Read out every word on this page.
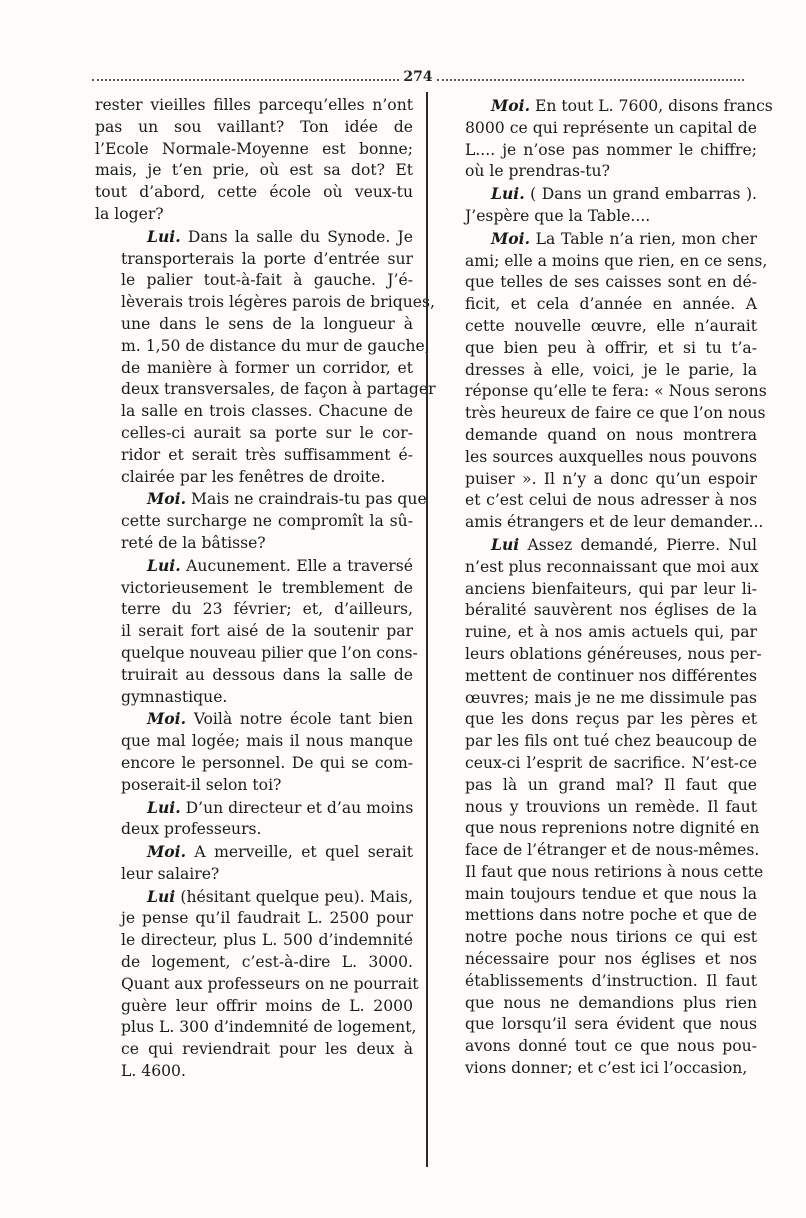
274

rester vieilles filles parcequ’elles n’ont
pas un sou vaillant? Ton idée de
l’Ecole Normale-Moyenne est bonne;
mais, je t’en prie, où est sa dot? Et
tout d’abord, cette école où veux-tu
la loger?

Lui. Dans la salle du Synode. Je
transporterais la porte d’entrée sur
le palier tout-à-fait à gauche. J’é-
lèverais trois légères parois de briques,
une dans le sens de la longueur à
m. 1,50 de distance du mur de gauche,
de manière à former un corridor, et
deux transversales, de façon à partager
la salle en trois classes. Chacune de
celles-ci aurait sa porte sur le cor-
ridor et serait très suffisamment é-
clairée par les fenêtres de droite.

Moi. Mais ne craindrais-tu pas que
cette surcharge ne compromît la sû-
reté de la bâtisse?

Lui. Aucunement. Elle a traversé
victorieusement le tremblement de
terre du 23 février; et, d’ailleurs,
il serait fort aisé de la soutenir par
quelque nouveau pilier que l’on cons-
truirait au dessous dans la salle de
gymnastique.

Moi. Voilà notre école tant bien
que mal logée; mais il nous manque
encore le personnel. De qui se com-
poserait-il selon toi?

Lui. D’un directeur et d’au moins
deux professeurs.

Moi. A merveille, et quel serait
leur salaire?

Lui (hésitant quelque peu). Mais,
je pense qu’il faudrait L. 2500 pour
le directeur, plus L. 500 d’indemnité
de logement, c’est-à-dire L. 3000.
Quant aux professeurs on ne pourrait
guère leur offrir moins de L. 2000
plus L. 300 d’indemnité de logement,
ce qui reviendrait pour les deux à
L. 4600.

Moi. En tout L. 7600, disons francs
8000 ce qui représente un capital de
L.... je n’ose pas nommer le chiffre;
où le prendras-tu?

Lui. ( Dans un grand embarras ).
J’espère que la Table....

Moi. La Table n’a rien, mon cher
ami; elle a moins que rien, en ce sens,
que telles de ses caisses sont en dé-
ficit, et cela d’année en année. A
cette nouvelle œuvre, elle n’aurait
que bien peu à offrir, et si tu t’a-
dresses à elle, voici, je le parie, la
réponse qu’elle te fera: « Nous serons
très heureux de faire ce que l’on nous
demande quand on nous montrera
les sources auxquelles nous pouvons
puiser ». Il n’y a donc qu’un espoir
et c’est celui de nous adresser à nos
amis étrangers et de leur demander...

Lui Assez demandé, Pierre. Nul
n’est plus reconnaissant que moi aux
anciens bienfaiteurs, qui par leur li-
béralité sauvèrent nos églises de la
ruine, et à nos amis actuels qui, par
leurs oblations généreuses, nous per-
mettent de continuer nos différentes
œuvres; mais je ne me dissimule pas
que les dons reçus par les pères et
par les fils ont tué chez beaucoup de
ceux-ci l’esprit de sacrifice. N’est-ce
pas là un grand mal? Il faut que
nous y trouvions un remède. Il faut
que nous reprenions notre dignité en
face de l’étranger et de nous-mêmes.
Il faut que nous retirions à nous cette
main toujours tendue et que nous la
mettions dans notre poche et que de
notre poche nous tirions ce qui est
nécessaire pour nos églises et nos
établissements d’instruction. Il faut
que nous ne demandions plus rien
que lorsqu’il sera évident que nous
avons donné tout ce que nous pou-
vions donner; et c’est ici l’occasion,
